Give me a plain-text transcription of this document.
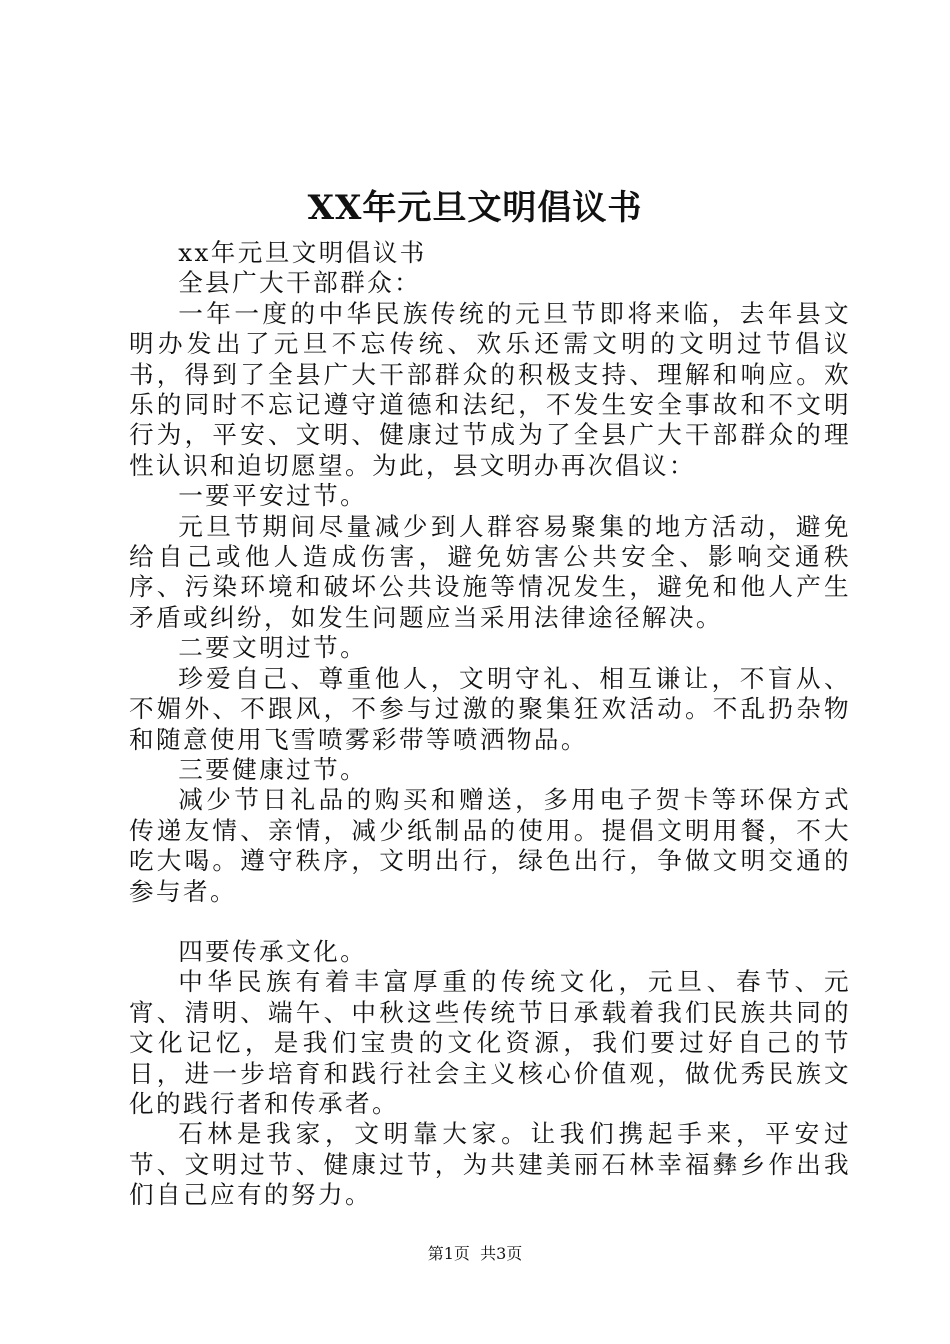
XX年元旦文明倡议书

xx年元旦文明倡议书

全县广大干部群众：

一年一度的中华民族传统的元旦节即将来临，去年县文明办发出了元旦不忘传统、欢乐还需文明的文明过节倡议书，得到了全县广大干部群众的积极支持、理解和响应。欢乐的同时不忘记遵守道德和法纪，不发生安全事故和不文明行为，平安、文明、健康过节成为了全县广大干部群众的理性认识和迫切愿望。为此，县文明办再次倡议：

一要平安过节。

元旦节期间尽量减少到人群容易聚集的地方活动，避免给自己或他人造成伤害，避免妨害公共安全、影响交通秩序、污染环境和破坏公共设施等情况发生，避免和他人产生矛盾或纠纷，如发生问题应当采用法律途径解决。

二要文明过节。

珍爱自己、尊重他人，文明守礼、相互谦让，不盲从、不媚外、不跟风，不参与过激的聚集狂欢活动。不乱扔杂物和随意使用飞雪喷雾彩带等喷洒物品。

三要健康过节。

减少节日礼品的购买和赠送，多用电子贺卡等环保方式传递友情、亲情，减少纸制品的使用。提倡文明用餐，不大吃大喝。遵守秩序，文明出行，绿色出行，争做文明交通的参与者。

四要传承文化。

中华民族有着丰富厚重的传统文化，元旦、春节、元宵、清明、端午、中秋这些传统节日承载着我们民族共同的文化记忆，是我们宝贵的文化资源，我们要过好自己的节日，进一步培育和践行社会主义核心价值观，做优秀民族文化的践行者和传承者。

石林是我家，文明靠大家。让我们携起手来，平安过节、文明过节、健康过节，为共建美丽石林幸福彝乡作出我们自己应有的努力。

第1页 共3页
